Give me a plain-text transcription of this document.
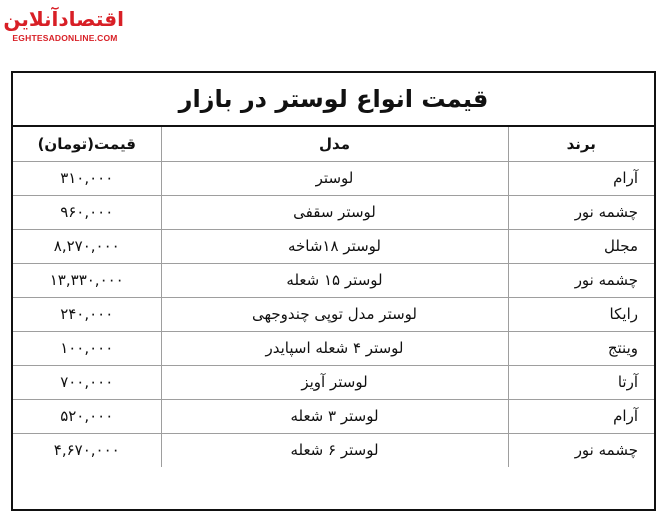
اقتصادآنلاین
EGHTESADONLINE.COM
قیمت انواع لوستر در بازار
قیمت(تومان)	مدل	برند
۳۱۰,۰۰۰	لوستر	آرام
۹۶۰,۰۰۰	لوستر سقفی	چشمه نور
۸,۲۷۰,۰۰۰	لوستر ۱۸شاخه	مجلل
۱۳,۳۳۰,۰۰۰	لوستر ۱۵ شعله	چشمه نور
۲۴۰,۰۰۰	لوستر مدل توپی چندوجهی	رایکا
۱۰۰,۰۰۰	لوستر ۴ شعله اسپایدر	وینتج
۷۰۰,۰۰۰	لوستر آویز	آرتا
۵۲۰,۰۰۰	لوستر ۳ شعله	آرام
۴,۶۷۰,۰۰۰	لوستر ۶ شعله	چشمه نور
